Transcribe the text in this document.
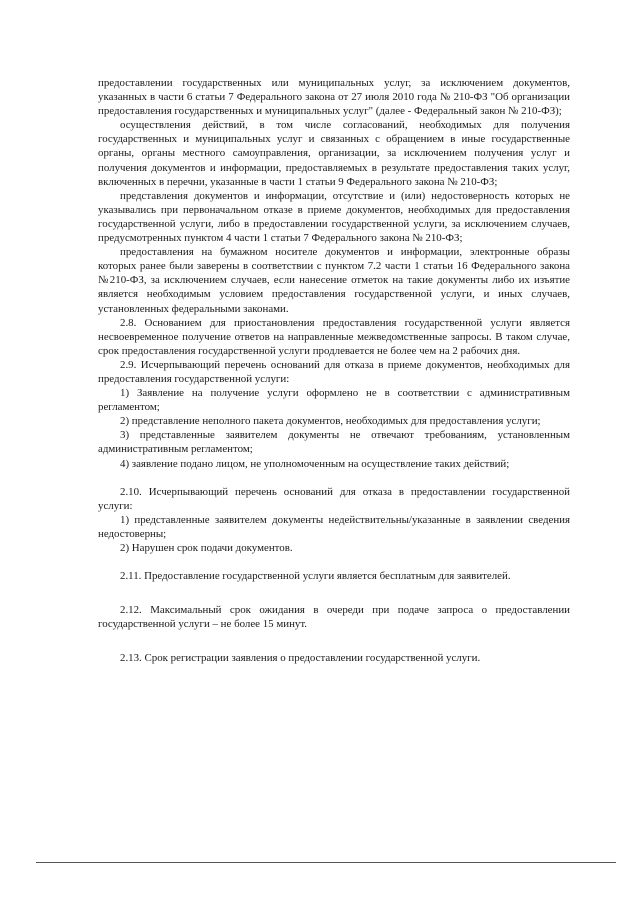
предоставлении государственных или муниципальных услуг, за исключением документов, указанных в части 6 статьи 7 Федерального закона от 27 июля 2010 года № 210-ФЗ "Об организации предоставления государственных и муниципальных услуг" (далее - Федеральный закон № 210-ФЗ);

осуществления действий, в том числе согласований, необходимых для получения государственных и муниципальных услуг и связанных с обращением в иные государственные органы, органы местного самоуправления, организации, за исключением получения услуг и получения документов и информации, предоставляемых в результате предоставления таких услуг, включенных в перечни, указанные в части 1 статьи 9 Федерального закона № 210-ФЗ;

представления документов и информации, отсутствие и (или) недостоверность которых не указывались при первоначальном отказе в приеме документов, необходимых для предоставления государственной услуги, либо в предоставлении государственной услуги, за исключением случаев, предусмотренных пунктом 4 части 1 статьи 7 Федерального закона № 210-ФЗ;

предоставления на бумажном носителе документов и информации, электронные образы которых ранее были заверены в соответствии с пунктом 7.2 части 1 статьи 16 Федерального закона №210-ФЗ, за исключением случаев, если нанесение отметок на такие документы либо их изъятие является необходимым условием предоставления государственной услуги, и иных случаев, установленных федеральными законами.

2.8. Основанием для приостановления предоставления государственной услуги является несвоевременное получение ответов на направленные межведомственные запросы. В таком случае, срок предоставления государственной услуги продлевается не более чем на 2 рабочих дня.

2.9. Исчерпывающий перечень оснований для отказа в приеме документов, необходимых для предоставления государственной услуги:

1) Заявление на получение услуги оформлено не в соответствии с административным регламентом;

2) представление неполного пакета документов, необходимых для предоставления услуги;

3) представленные заявителем документы не отвечают требованиям, установленным административным регламентом;

4) заявление подано лицом, не уполномоченным на осуществление таких действий;

2.10. Исчерпывающий перечень оснований для отказа в предоставлении государственной услуги:

1) представленные заявителем документы недействительны/указанные в заявлении сведения недостоверны;

2) Нарушен срок подачи документов.

2.11. Предоставление государственной услуги является бесплатным для заявителей.

2.12. Максимальный срок ожидания в очереди при подаче запроса о предоставлении государственной услуги – не более 15 минут.

2.13. Срок регистрации заявления о предоставлении государственной услуги.
